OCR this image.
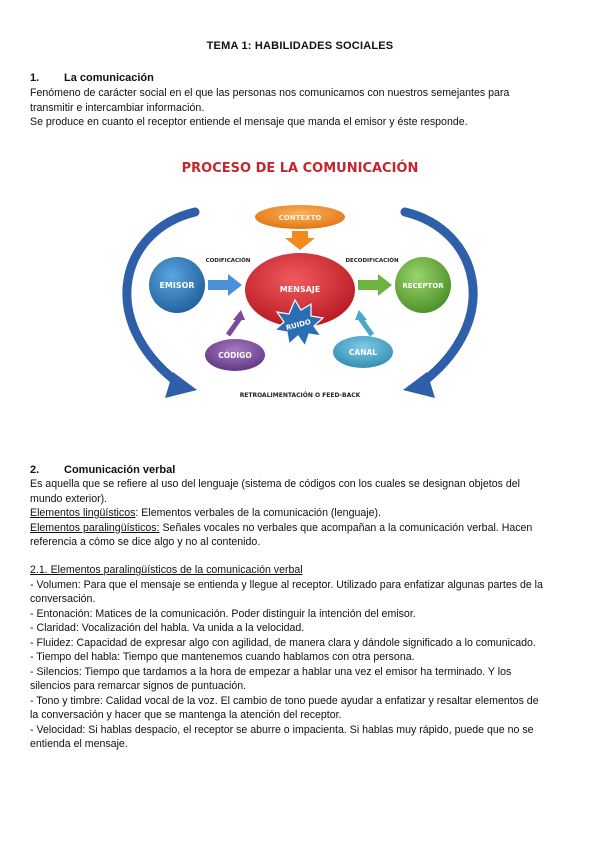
TEMA 1: HABILIDADES SOCIALES
1. La comunicación

Fenómeno de carácter social en el que las personas nos comunicamos con nuestros semejantes para

transmitir e intercambiar información.

Se produce en cuanto el receptor entiende el mensaje que manda el emisor y éste responde.

PROCESO DE LA COMUNICACIÓN
CONTEXTO
MENSAJE
RUIDO
EMISOR	RECEPTOR
CODIFICACIÓN	DECODIFICACIÓN
CÓDIGO	CANAL
RETROALIMENTACIÓN O FEED-BACK
2. Comunicación verbal

Es aquella que se refiere al uso del lenguaje (sistema de códigos con los cuales se designan objetos del

mundo exterior).

Elementos lingüísticos: Elementos verbales de la comunicación (lenguaje).

Elementos paralingüísticos: Señales vocales no verbales que acompañan a la comunicación verbal. Hacen

referencia a cómo se dice algo y no al contenido.

2.1. Elementos paralingüísticos de la comunicación verbal

- Volumen: Para que el mensaje se entienda y llegue al receptor. Utilizado para enfatizar algunas partes de la

conversación.

- Entonación: Matices de la comunicación. Poder distinguir la intención del emisor.

- Claridad: Vocalización del habla. Va unida a la velocidad.

- Fluidez: Capacidad de expresar algo con agilidad, de manera clara y dándole significado a lo comunicado.

- Tiempo del habla: Tiempo que mantenemos cuando hablamos con otra persona.

- Silencios: Tiempo que tardamos a la hora de empezar a hablar una vez el emisor ha terminado. Y los

silencios para remarcar signos de puntuación.

- Tono y timbre: Calidad vocal de la voz. El cambio de tono puede ayudar a enfatizar y resaltar elementos de

la conversación y hacer que se mantenga la atención del receptor.

- Velocidad: Si hablas despacio, el receptor se aburre o impacienta. Si hablas muy rápido, puede que no se

entienda el mensaje.
